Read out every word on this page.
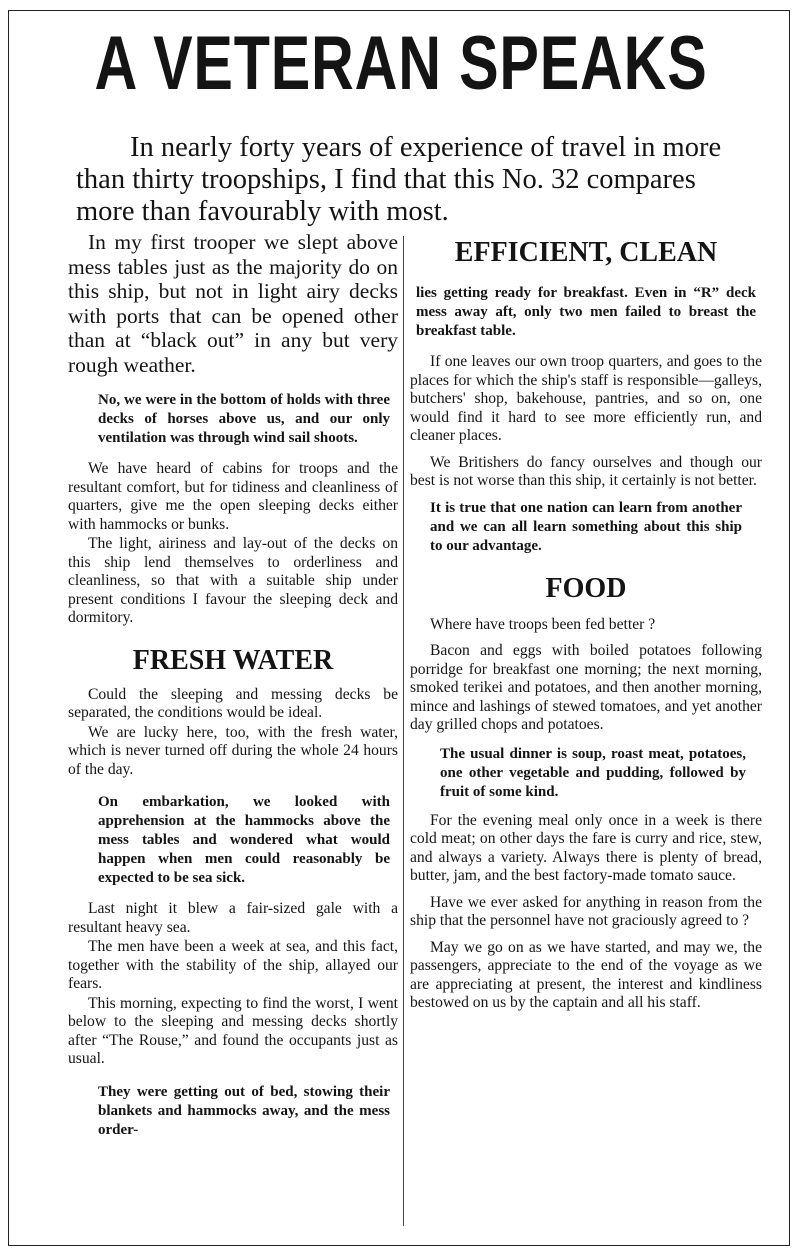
A VETERAN SPEAKS
In nearly forty years of experience of travel in more than thirty troopships, I find that this No. 32 compares more than favourably with most.

In my first trooper we slept above mess tables just as the majority do on this ship, but not in light airy decks with ports that can be opened other than at “black out” in any but very rough weather.

No, we were in the bottom of holds with three decks of horses above us, and our only ventilation was through wind sail shoots.

We have heard of cabins for troops and the resultant comfort, but for tidiness and cleanliness of quarters, give me the open sleeping decks either with hammocks or bunks.

The light, airiness and lay-out of the decks on this ship lend themselves to orderliness and cleanliness, so that with a suitable ship under present conditions I favour the sleeping deck and dormitory.

FRESH WATER

Could the sleeping and messing decks be separated, the conditions would be ideal.

We are lucky here, too, with the fresh water, which is never turned off during the whole 24 hours of the day.

On embarkation, we looked with apprehension at the hammocks above the mess tables and wondered what would happen when men could reasonably be expected to be sea sick.

Last night it blew a fair-sized gale with a resultant heavy sea.

The men have been a week at sea, and this fact, together with the stability of the ship, allayed our fears.

This morning, expecting to find the worst, I went below to the sleeping and messing decks shortly after “The Rouse,” and found the occupants just as usual.

They were getting out of bed, stowing their blankets and hammocks away, and the mess order-

EFFICIENT, CLEAN

lies getting ready for breakfast. Even in “R” deck mess away aft, only two men failed to breast the breakfast table.

If one leaves our own troop quarters, and goes to the places for which the ship's staff is responsible—galleys, butchers' shop, bakehouse, pantries, and so on, one would find it hard to see more efficiently run, and cleaner places.

We Britishers do fancy ourselves and though our best is not worse than this ship, it certainly is not better.

It is true that one nation can learn from another and we can all learn something about this ship to our advantage.

FOOD

Where have troops been fed better ?

Bacon and eggs with boiled potatoes following porridge for breakfast one morning; the next morning, smoked terikei and potatoes, and then another morning, mince and lashings of stewed tomatoes, and yet another day grilled chops and potatoes.

The usual dinner is soup, roast meat, potatoes, one other vegetable and pudding, followed by fruit of some kind.

For the evening meal only once in a week is there cold meat; on other days the fare is curry and rice, stew, and always a variety. Always there is plenty of bread, butter, jam, and the best factory-made tomato sauce.

Have we ever asked for anything in reason from the ship that the personnel have not graciously agreed to ?

May we go on as we have started, and may we, the passengers, appreciate to the end of the voyage as we are appreciating at present, the interest and kindliness bestowed on us by the captain and all his staff.
